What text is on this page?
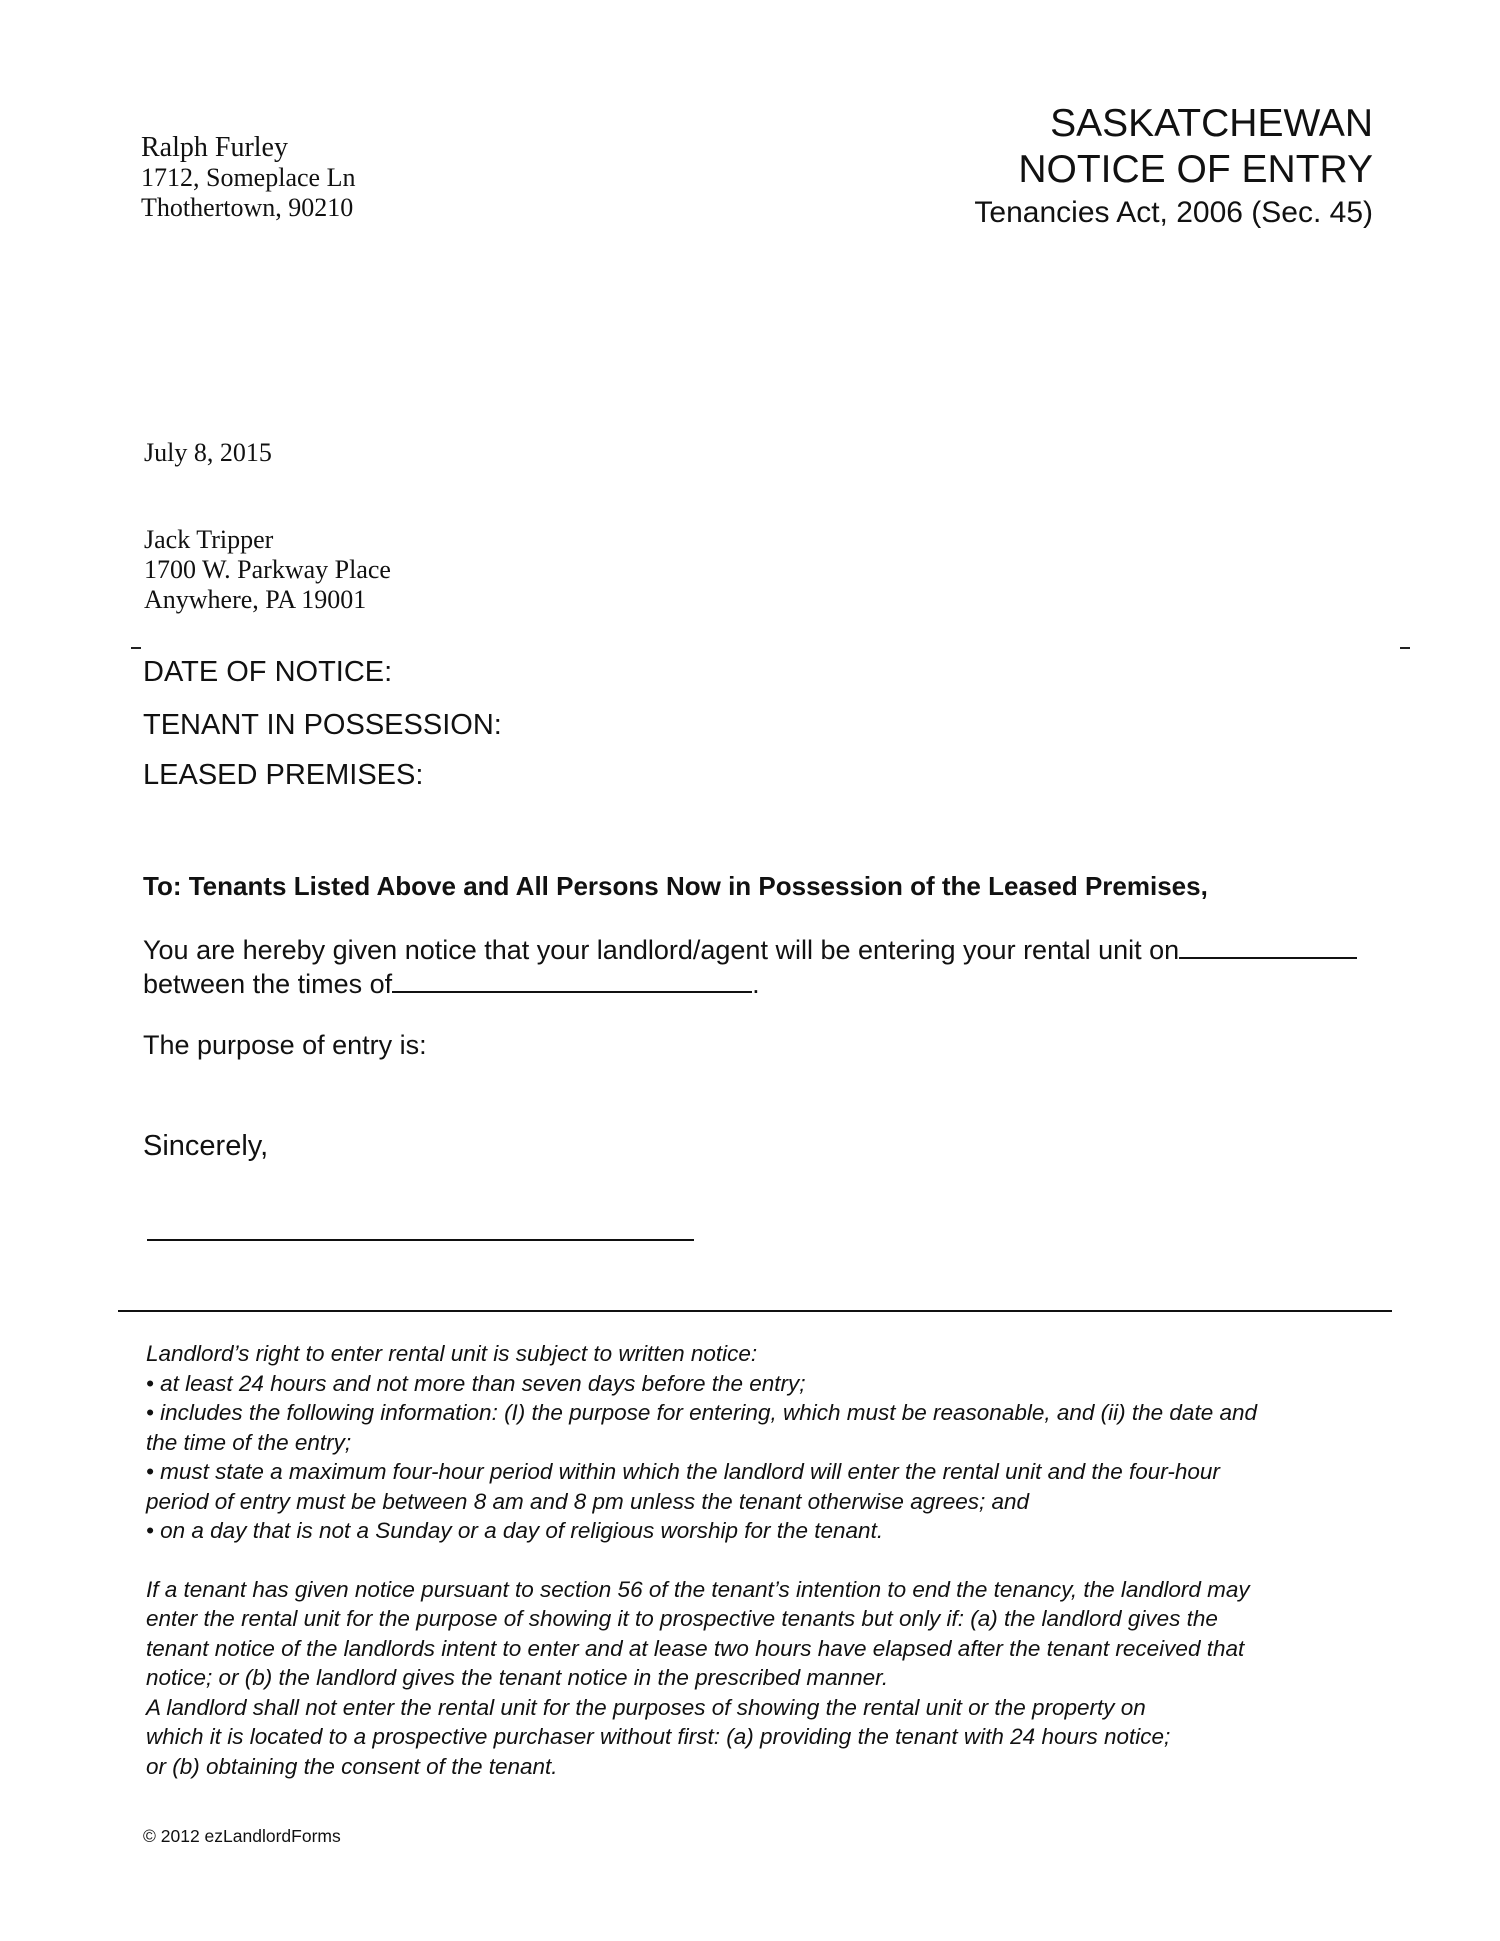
Ralph Furley
1712, Someplace Ln
Thothertown, 90210
SASKATCHEWAN
NOTICE OF ENTRY
Tenancies Act, 2006 (Sec. 45)
July 8, 2015
Jack Tripper
1700 W. Parkway Place
Anywhere, PA 19001
DATE OF NOTICE:
TENANT IN POSSESSION:
LEASED PREMISES:
To: Tenants Listed Above and All Persons Now in Possession of the Leased Premises,
You are hereby given notice that your landlord/agent will be entering your rental unit on
between the times of	.
The purpose of entry is:
Sincerely,
Landlord’s right to enter rental unit is subject to written notice:
• at least 24 hours and not more than seven days before the entry;
• includes the following information: (I) the purpose for entering, which must be reasonable, and (ii) the date and
the time of the entry;
• must state a maximum four-hour period within which the landlord will enter the rental unit and the four-hour
period of entry must be between 8 am and 8 pm unless the tenant otherwise agrees; and
• on a day that is not a Sunday or a day of religious worship for the tenant.
If a tenant has given notice pursuant to section 56 of the tenant’s intention to end the tenancy, the landlord may
enter the rental unit for the purpose of showing it to prospective tenants but only if: (a) the landlord gives the
tenant notice of the landlords intent to enter and at lease two hours have elapsed after the tenant received that
notice; or (b) the landlord gives the tenant notice in the prescribed manner.
A landlord shall not enter the rental unit for the purposes of showing the rental unit or the property on
which it is located to a prospective purchaser without first: (a) providing the tenant with 24 hours notice;
or (b) obtaining the consent of the tenant.
© 2012 ezLandlordForms
